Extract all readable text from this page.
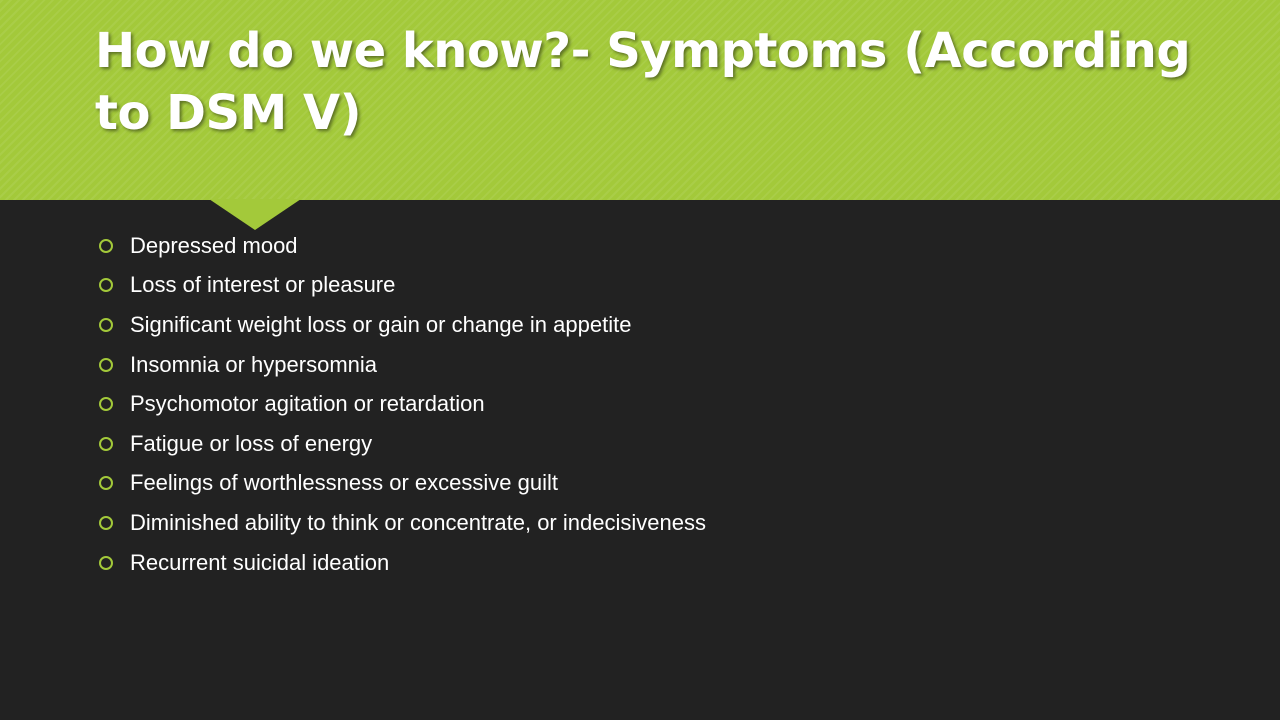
How do we know?- Symptoms (According to DSM V)
Depressed mood
Loss of interest or pleasure
Significant weight loss or gain or change in appetite
Insomnia or hypersomnia
Psychomotor agitation or retardation
Fatigue or loss of energy
Feelings of worthlessness or excessive guilt
Diminished ability to think or concentrate, or indecisiveness
Recurrent suicidal ideation
